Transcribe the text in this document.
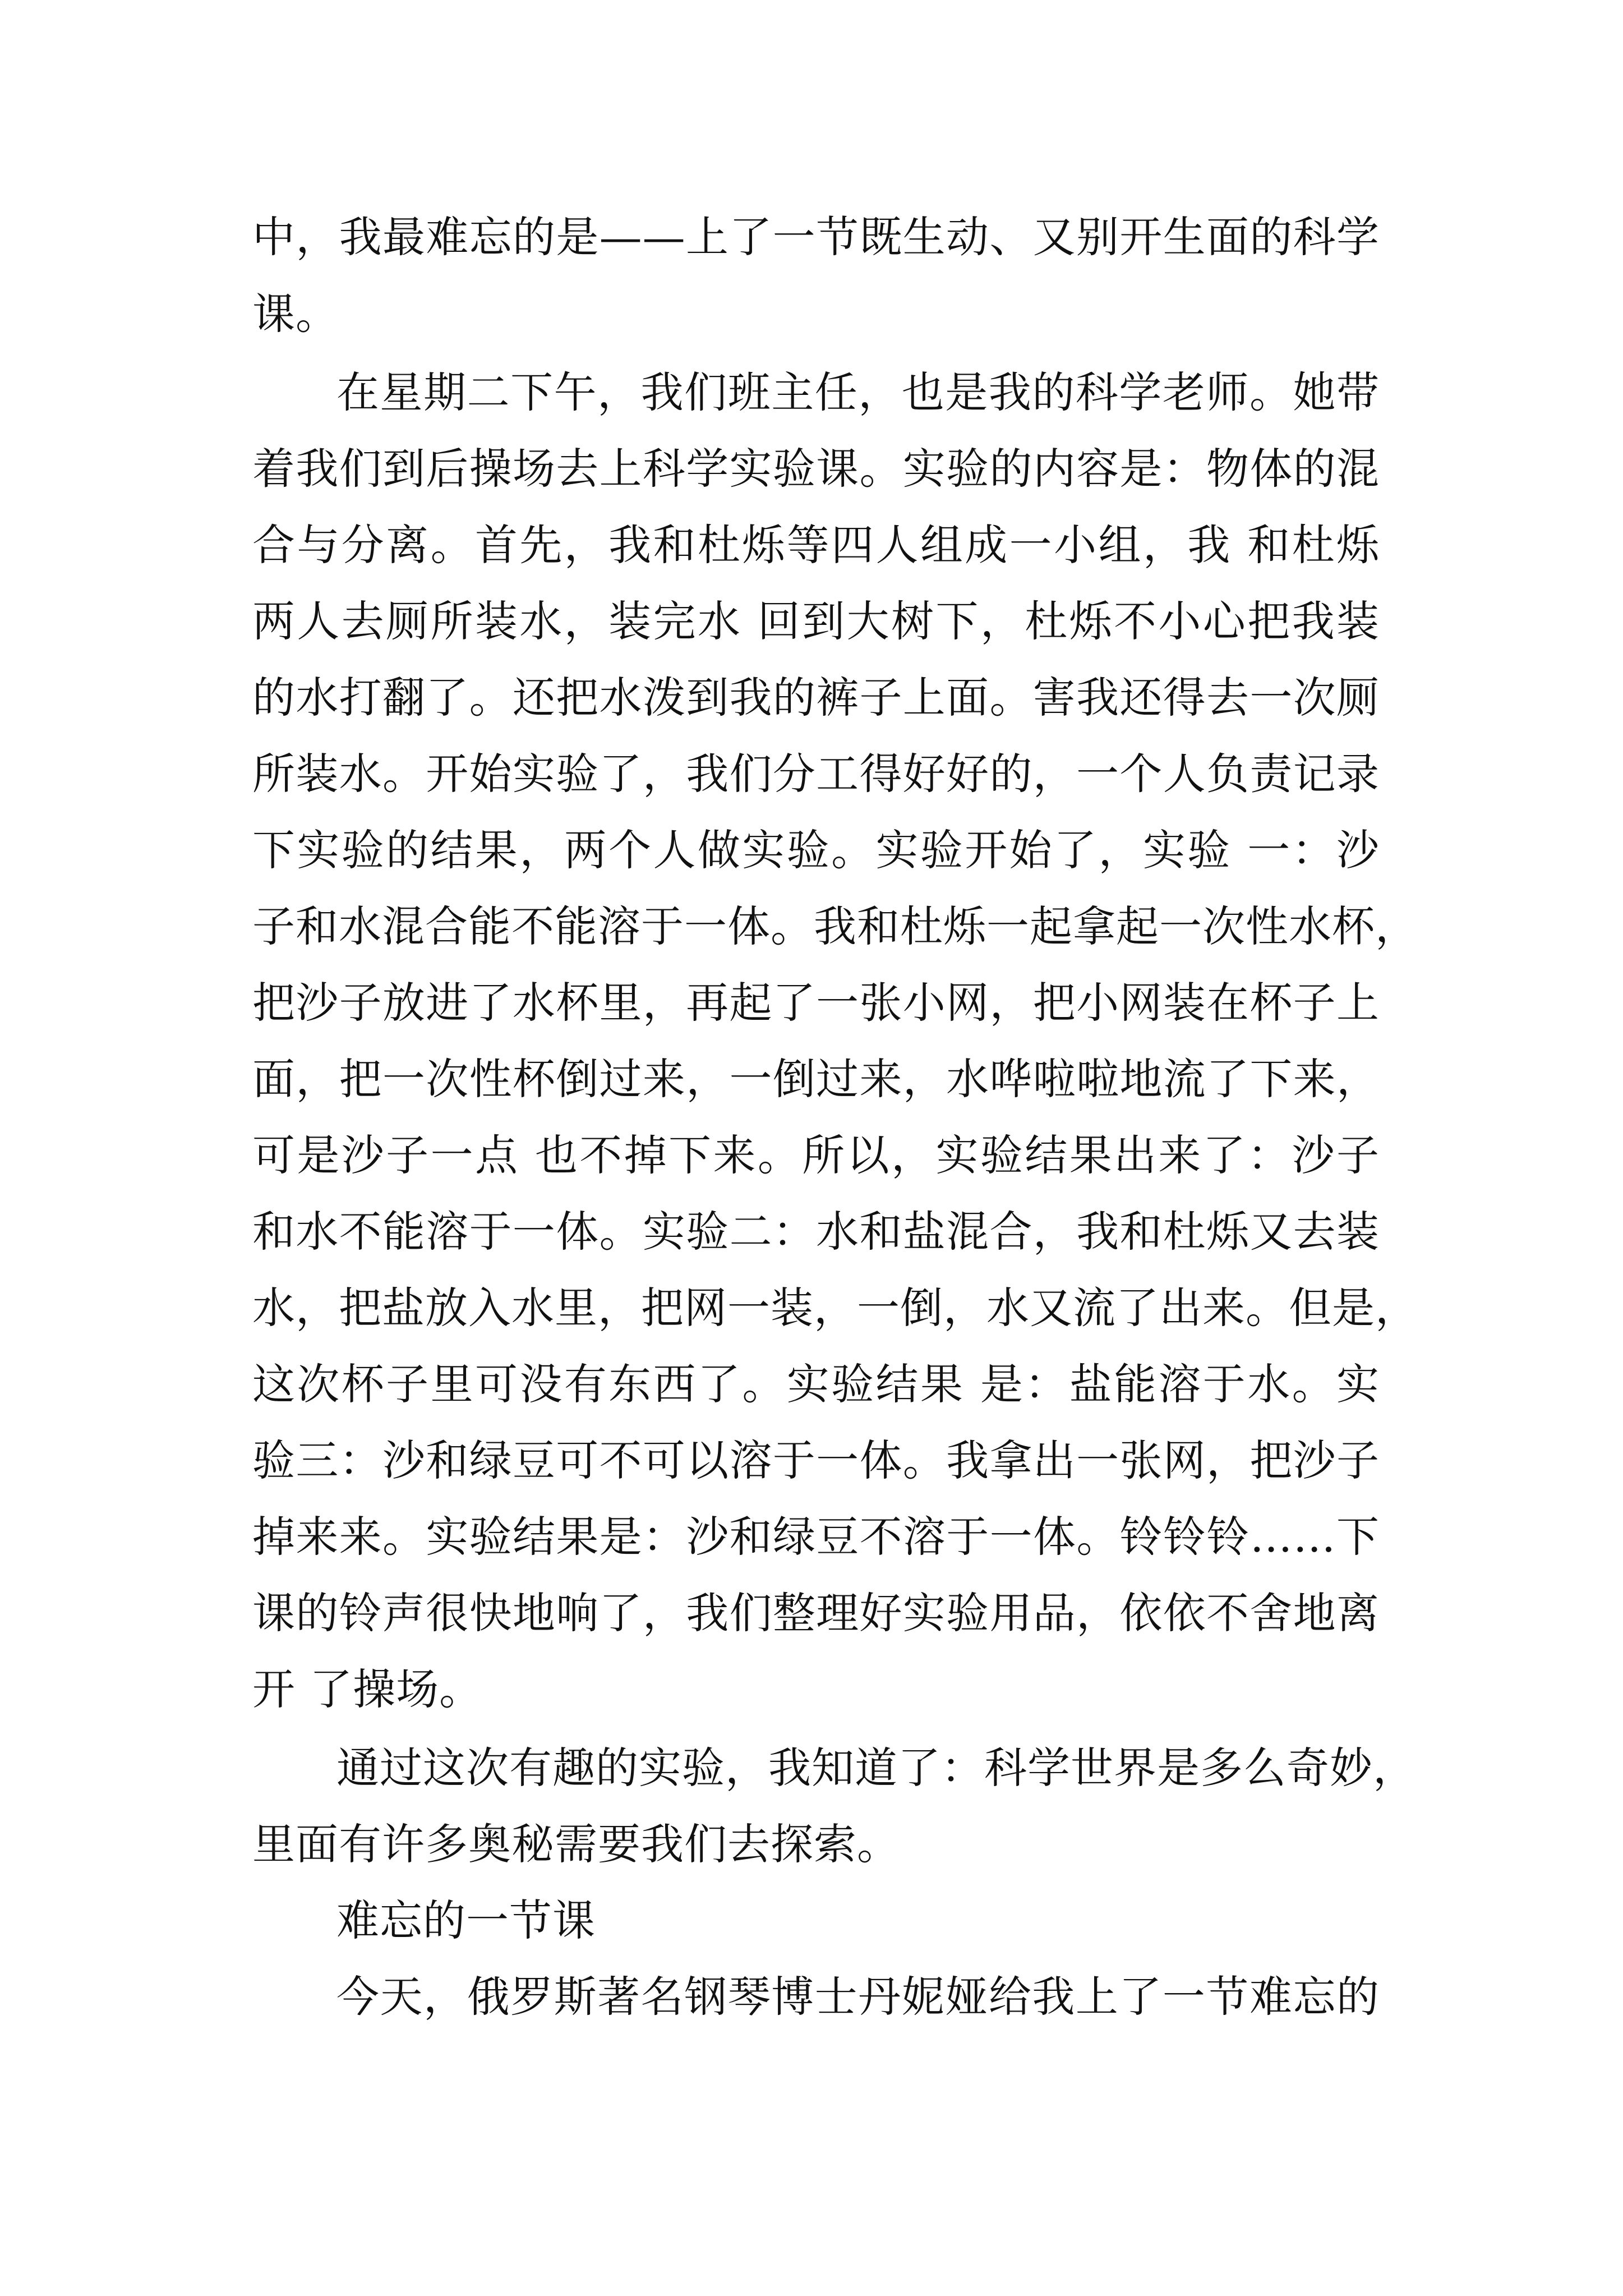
中，我最难忘的是——上了一节既生动、又别开生面的科学
课。
在星期二下午，我们班主任，也是我的科学老师。她带
着我们到后操场去上科学实验课。实验的内容是：物体的混
合与分离。首先，我和杜烁等四人组成一小组，我 和杜烁
两人去厕所装水，装完水 回到大树下，杜烁不小心把我装
的水打翻了。还把水泼到我的裤子上面。害我还得去一次厕
所装水。开始实验了，我们分工得好好的，一个人负责记录
下实验的结果，两个人做实验。实验开始了，实验 一：沙
子和水混合能不能溶于一体。我和杜烁一起拿起一次性水杯，
把沙子放进了水杯里，再起了一张小网，把小网装在杯子上
面，把一次性杯倒过来，一倒过来，水哗啦啦地流了下来，
可是沙子一点 也不掉下来。所以，实验结果出来了：沙子
和水不能溶于一体。实验二：水和盐混合，我和杜烁又去装
水，把盐放入水里，把网一装，一倒，水又流了出来。但是，
这次杯子里可没有东西了。实验结果 是：盐能溶于水。实
验三：沙和绿豆可不可以溶于一体。我拿出一张网，把沙子
掉来来。实验结果是：沙和绿豆不溶于一体。铃铃铃……下
课的铃声很快地响了，我们整理好实验用品，依依不舍地离
开 了操场。
通过这次有趣的实验，我知道了：科学世界是多么奇妙，
里面有许多奥秘需要我们去探索。
难忘的一节课
今天，俄罗斯著名钢琴博士丹妮娅给我上了一节难忘的
